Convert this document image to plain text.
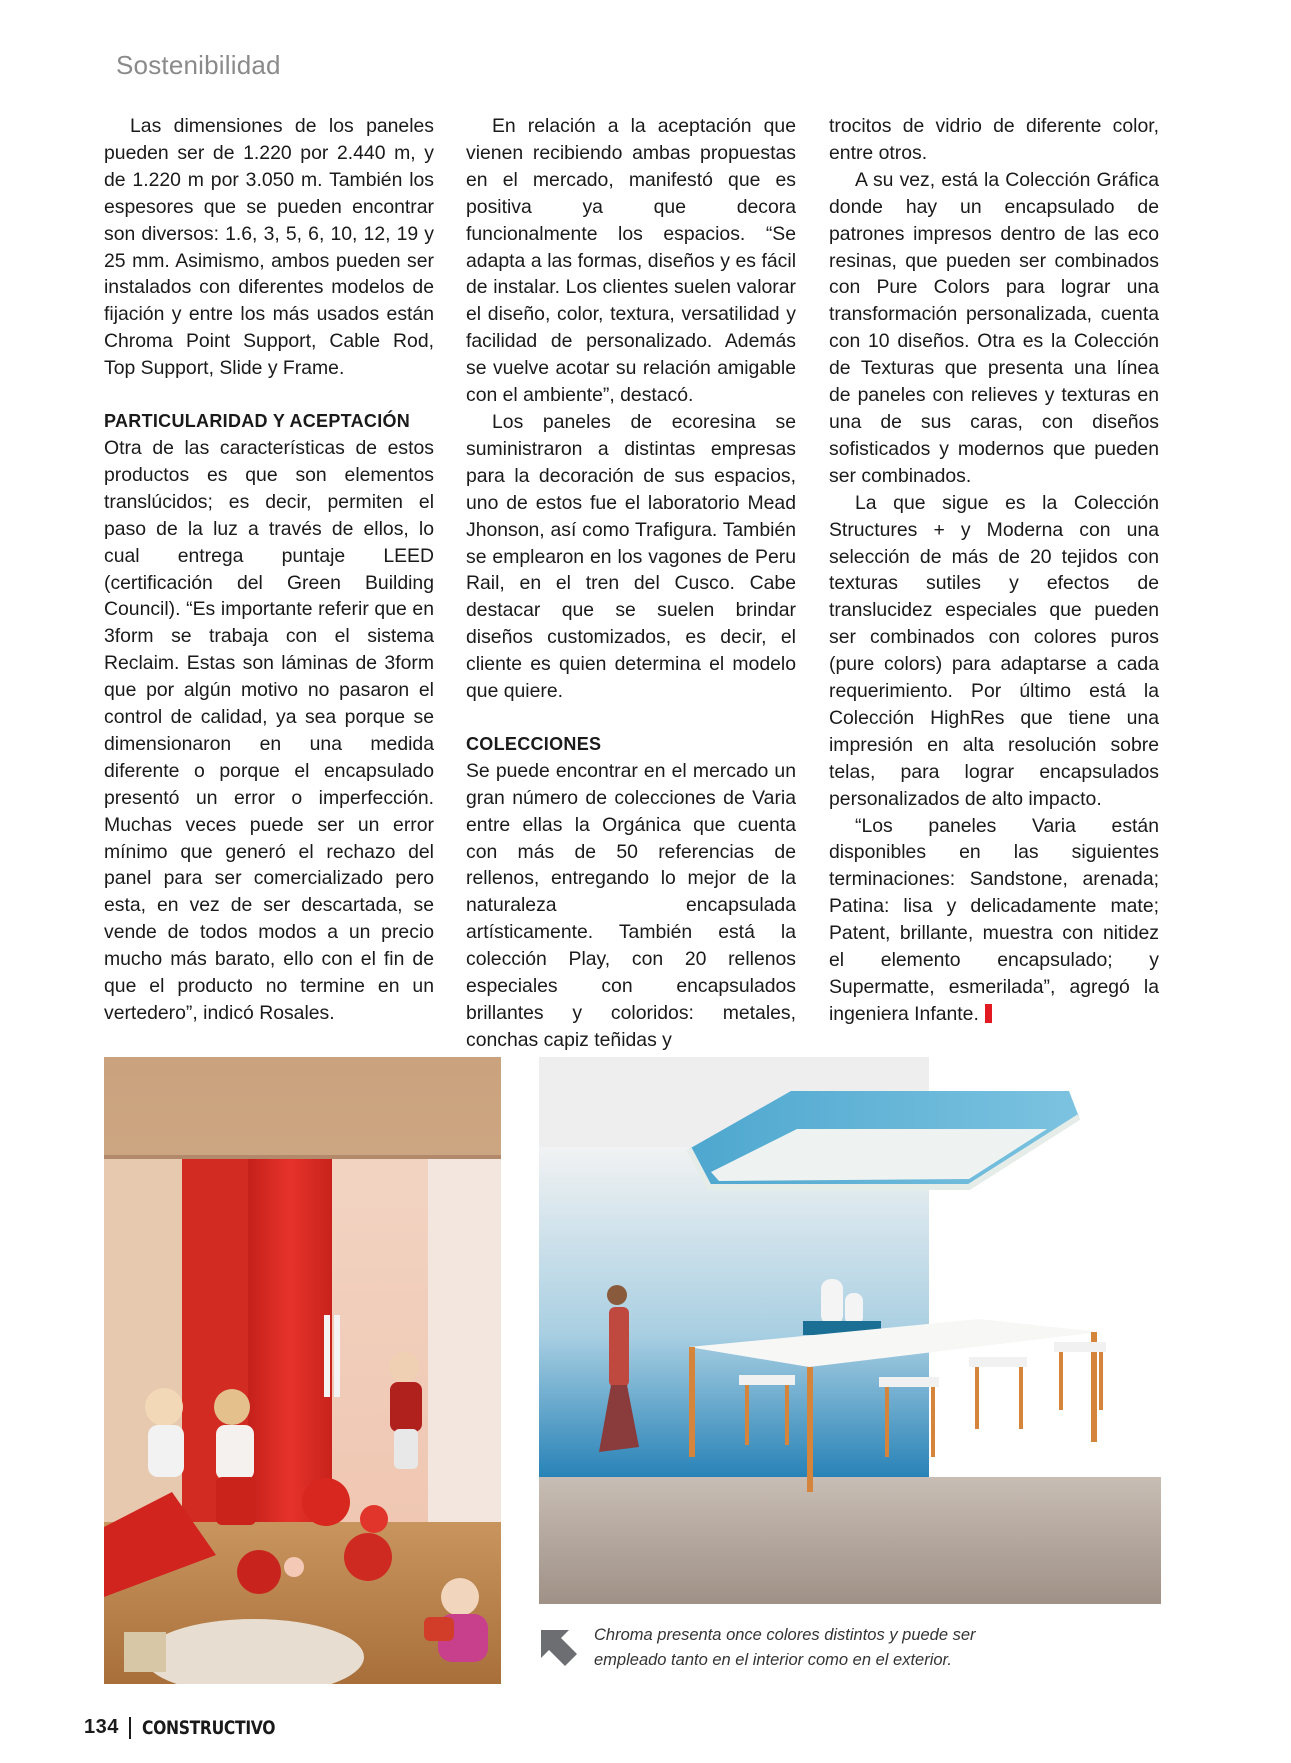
Sostenibilidad

Las dimensiones de los paneles pueden ser de 1.220 por 2.440 m, y de 1.220 m por 3.050 m. También los espesores que se pueden encontrar son diversos: 1.6, 3, 5, 6, 10, 12, 19 y 25 mm. Asimismo, ambos pueden ser instalados con diferentes modelos de fijación y entre los más usados están Chroma Point Support, Cable Rod, Top Support, Slide y Frame.

PARTICULARIDAD Y ACEPTACIÓN

Otra de las características de estos productos es que son elementos translúcidos; es decir, permiten el paso de la luz a través de ellos, lo cual entrega puntaje LEED (certificación del Green Building Council). “Es importante referir que en 3form se trabaja con el sistema Reclaim. Estas son láminas de 3form que por algún motivo no pasaron el control de calidad, ya sea porque se dimensionaron en una medida diferente o porque el encapsulado presentó un error o imperfección. Muchas veces puede ser un error mínimo que generó el rechazo del panel para ser comercializado pero esta, en vez de ser descartada, se vende de todos modos a un precio mucho más barato, ello con el fin de que el producto no termine en un vertedero”, indicó Rosales.

En relación a la aceptación que vienen recibiendo ambas propuestas en el mercado, manifestó que es positiva ya que decora funcionalmente los espacios. “Se adapta a las formas, diseños y es fácil de instalar. Los clientes suelen valorar el diseño, color, textura, versatilidad y facilidad de personalizado. Además se vuelve acotar su relación amigable con el ambiente”, destacó.

Los paneles de ecoresina se suministraron a distintas empresas para la decoración de sus espacios, uno de estos fue el laboratorio Mead Jhonson, así como Trafigura. También se emplearon en los vagones de Peru Rail, en el tren del Cusco. Cabe destacar que se suelen brindar diseños customizados, es decir, el cliente es quien determina el modelo que quiere.

COLECCIONES

Se puede encontrar en el mercado un gran número de colecciones de Varia entre ellas la Orgánica que cuenta con más de 50 referencias de rellenos, entregando lo mejor de la naturaleza encapsulada artísticamente. También está la colección Play, con 20 rellenos especiales con encapsulados brillantes y coloridos: metales, conchas capiz teñidas y

trocitos de vidrio de diferente color, entre otros.

A su vez, está la Colección Gráfica donde hay un encapsulado de patrones impresos dentro de las eco resinas, que pueden ser combinados con Pure Colors para lograr una transformación personalizada, cuenta con 10 diseños. Otra es la Colección de Texturas que presenta una línea de paneles con relieves y texturas en una de sus caras, con diseños sofisticados y modernos que pueden ser combinados.

La que sigue es la Colección Structures + y Moderna con una selección de más de 20 tejidos con texturas sutiles y efectos de translucidez especiales que pueden ser combinados con colores puros (pure colors) para adaptarse a cada requerimiento. Por último está la Colección HighRes que tiene una impresión en alta resolución sobre telas, para lograr encapsulados personalizados de alto impacto.

“Los paneles Varia están disponibles en las siguientes terminaciones: Sandstone, arenada; Patina: lisa y delicadamente mate; Patent, brillante, muestra con nitidez el elemento encapsulado; y Supermatte, esmerilada”, agregó la ingeniera Infante.

Chroma presenta once colores distintos y puede ser empleado tanto en el interior como en el exterior.
134 CONSTRUCTIVO
